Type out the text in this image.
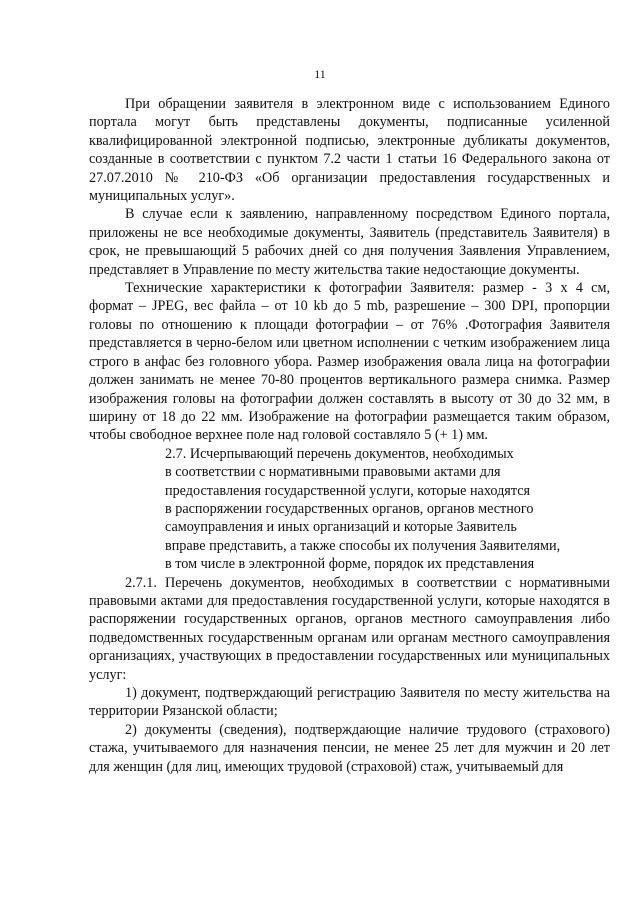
11

При обращении заявителя в электронном виде с использованием Единого портала могут быть представлены документы, подписанные усиленной квалифицированной электронной подписью, электронные дубликаты документов, созданные в соответствии с пунктом 7.2 части 1 статьи 16 Федерального закона от 27.07.2010 № 210-ФЗ «Об организации предоставления государственных и муниципальных услуг».

В случае если к заявлению, направленному посредством Единого портала, приложены не все необходимые документы, Заявитель (представитель Заявителя) в срок, не превышающий 5 рабочих дней со дня получения Заявления Управлением, представляет в Управление по месту жительства такие недостающие документы.

Технические характеристики к фотографии Заявителя: размер - 3 х 4 см, формат – JPEG, вес файла – от 10 kb до 5 mb, разрешение – 300 DPI, пропорции головы по отношению к площади фотографии – от 76% .Фотография Заявителя представляется в черно-белом или цветном исполнении с четким изображением лица строго в анфас без головного убора. Размер изображения овала лица на фотографии должен занимать не менее 70-80 процентов вертикального размера снимка. Размер изображения головы на фотографии должен составлять в высоту от 30 до 32 мм, в ширину от 18 до 22 мм. Изображение на фотографии размещается таким образом, чтобы свободное верхнее поле над головой составляло 5 (+ 1) мм.

2.7. Исчерпывающий перечень документов, необходимых
в соответствии с нормативными правовыми актами для
предоставления государственной услуги, которые находятся
в распоряжении государственных органов, органов местного
самоуправления и иных организаций и которые Заявитель
вправе представить, а также способы их получения Заявителями,
в том числе в электронной форме, порядок их представления

2.7.1. Перечень документов, необходимых в соответствии с нормативными правовыми актами для предоставления государственной услуги, которые находятся в распоряжении государственных органов, органов местного самоуправления либо подведомственных государственным органам или органам местного самоуправления организациях, участвующих в предоставлении государственных или муниципальных услуг:

1) документ, подтверждающий регистрацию Заявителя по месту жительства на территории Рязанской области;

2) документы (сведения), подтверждающие наличие трудового (страхового) стажа, учитываемого для назначения пенсии, не менее 25 лет для мужчин и 20 лет для женщин (для лиц, имеющих трудовой (страховой) стаж, учитываемый для
